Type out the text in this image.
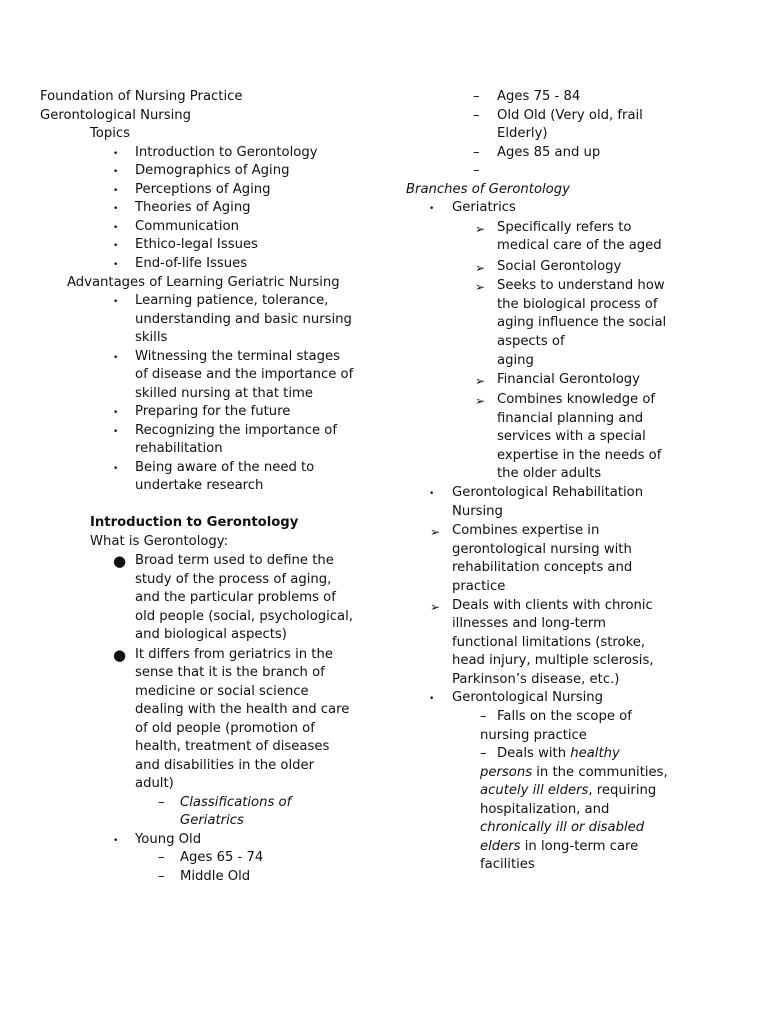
Foundation of Nursing Practice
Gerontological Nursing
Topics
• Introduction to Gerontology
• Demographics of Aging
• Perceptions of Aging
• Theories of Aging
• Communication
• Ethico-legal Issues
• End-of-life Issues
Advantages of Learning Geriatric Nursing
• Learning patience, tolerance,
understanding and basic nursing
skills
• Witnessing the terminal stages
of disease and the importance of
skilled nursing at that time
• Preparing for the future
• Recognizing the importance of
rehabilitation
• Being aware of the need to
undertake research
Introduction to Gerontology
What is Gerontology:
● Broad term used to define the
study of the process of aging,
and the particular problems of
old people (social, psychological,
and biological aspects)
● It differs from geriatrics in the
sense that it is the branch of
medicine or social science
dealing with the health and care
of old people (promotion of
health, treatment of diseases
and disabilities in the older
adult)
– Classifications of
Geriatrics
• Young Old
– Ages 65 - 74
– Middle Old
– Ages 75 - 84
– Old Old (Very old, frail
Elderly)
– Ages 85 and up
–
Branches of Gerontology
• Geriatrics
➢ Specifically refers to
medical care of the aged
➢ Social Gerontology
➢ Seeks to understand how
the biological process of
aging influence the social
aspects of
aging
➢ Financial Gerontology
➢ Combines knowledge of
financial planning and
services with a special
expertise in the needs of
the older adults
• Gerontological Rehabilitation
Nursing
➢ Combines expertise in
gerontological nursing with
rehabilitation concepts and
practice
➢ Deals with clients with chronic
illnesses and long-term
functional limitations (stroke,
head injury, multiple sclerosis,
Parkinson’s disease, etc.)
• Gerontological Nursing
– Falls on the scope of
nursing practice
– Deals with healthy
persons in the communities,
acutely ill elders, requiring
hospitalization, and
chronically ill or disabled
elders in long-term care
facilities
